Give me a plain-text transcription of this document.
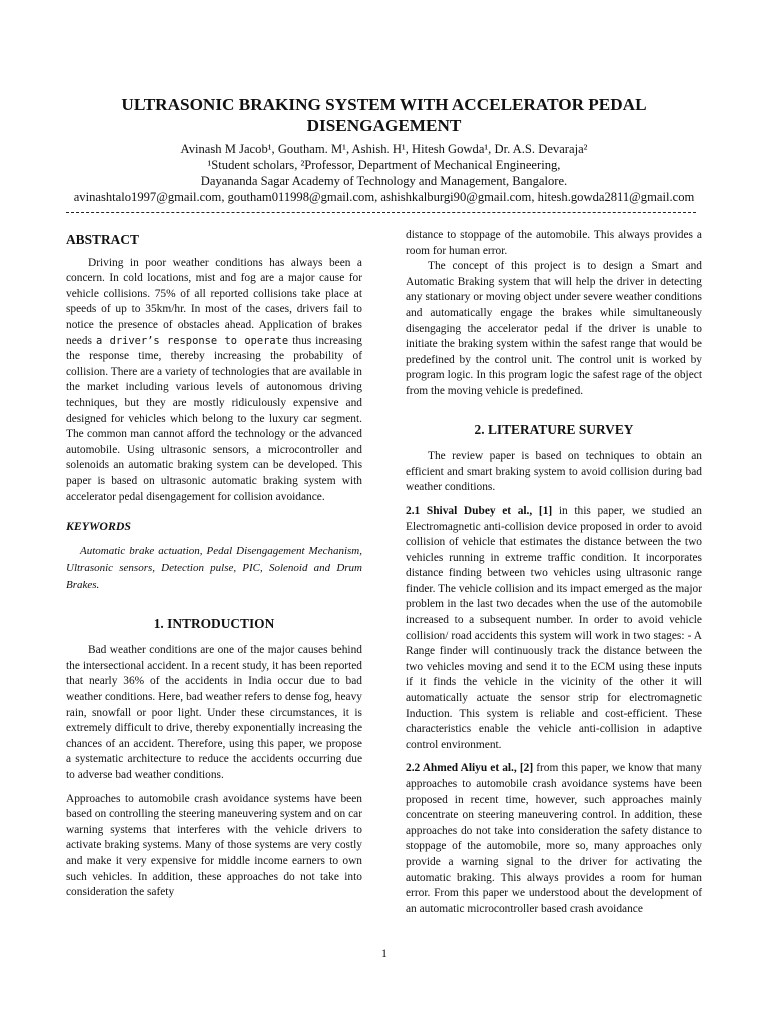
ULTRASONIC BRAKING SYSTEM WITH ACCELERATOR PEDAL
DISENGAGEMENT
Avinash M Jacob¹, Goutham. M¹, Ashish. H¹, Hitesh Gowda¹, Dr. A.S. Devaraja²
¹Student scholars, ²Professor, Department of Mechanical Engineering,
Dayananda Sagar Academy of Technology and Management, Bangalore.
avinashtalo1997@gmail.com, goutham011998@gmail.com, ashishkalburgi90@gmail.com, hitesh.gowda2811@gmail.com
ABSTRACT

Driving in poor weather conditions has always been a concern. In cold locations, mist and fog are a major cause for vehicle collisions. 75% of all reported collisions take place at speeds of up to 35km/hr. In most of the cases, drivers fail to notice the presence of obstacles ahead. Application of brakes needs a driver’s response to operate thus increasing the response time, thereby increasing the probability of collision. There are a variety of technologies that are available in the market including various levels of autonomous driving techniques, but they are mostly ridiculously expensive and designed for vehicles which belong to the luxury car segment. The common man cannot afford the technology or the advanced automobile. Using ultrasonic sensors, a microcontroller and solenoids an automatic braking system can be developed. This paper is based on ultrasonic automatic braking system with accelerator pedal disengagement for collision avoidance.

KEYWORDS

Automatic brake actuation, Pedal Disengagement Mechanism, Ultrasonic sensors, Detection pulse, PIC, Solenoid and Drum Brakes.

1. INTRODUCTION

Bad weather conditions are one of the major causes behind the intersectional accident. In a recent study, it has been reported that nearly 36% of the accidents in India occur due to bad weather conditions. Here, bad weather refers to dense fog, heavy rain, snowfall or poor light. Under these circumstances, it is extremely difficult to drive, thereby exponentially increasing the chances of an accident. Therefore, using this paper, we propose a systematic architecture to reduce the accidents occurring due to adverse bad weather conditions.

Approaches to automobile crash avoidance systems have been based on controlling the steering maneuvering system and on car warning systems that interferes with the vehicle drivers to activate braking systems. Many of those systems are very costly and make it very expensive for middle income earners to own such vehicles. In addition, these approaches do not take into consideration the safety

distance to stoppage of the automobile. This always provides a room for human error.

The concept of this project is to design a Smart and Automatic Braking system that will help the driver in detecting any stationary or moving object under severe weather conditions and automatically engage the brakes while simultaneously disengaging the accelerator pedal if the driver is unable to initiate the braking system within the safest range that would be predefined by the control unit. The control unit is worked by program logic. In this program logic the safest rage of the object from the moving vehicle is predefined.

2. LITERATURE SURVEY

The review paper is based on techniques to obtain an efficient and smart braking system to avoid collision during bad weather conditions.

2.1 Shival Dubey et al., [1] in this paper, we studied an Electromagnetic anti-collision device proposed in order to avoid collision of vehicle that estimates the distance between the two vehicles running in extreme traffic condition. It incorporates distance finding between two vehicles using ultrasonic range finder. The vehicle collision and its impact emerged as the major problem in the last two decades when the use of the automobile increased to a subsequent number. In order to avoid vehicle collision/ road accidents this system will work in two stages: - A Range finder will continuously track the distance between the two vehicles moving and send it to the ECM using these inputs if it finds the vehicle in the vicinity of the other it will automatically actuate the sensor strip for electromagnetic Induction. This system is reliable and cost-efficient. These characteristics enable the vehicle anti-collision in adaptive control environment.

2.2 Ahmed Aliyu et al., [2] from this paper, we know that many approaches to automobile crash avoidance systems have been proposed in recent time, however, such approaches mainly concentrate on steering maneuvering control. In addition, these approaches do not take into consideration the safety distance to stoppage of the automobile, more so, many approaches only provide a warning signal to the driver for activating the automatic braking. This always provides a room for human error. From this paper we understood about the development of an automatic microcontroller based crash avoidance

1
